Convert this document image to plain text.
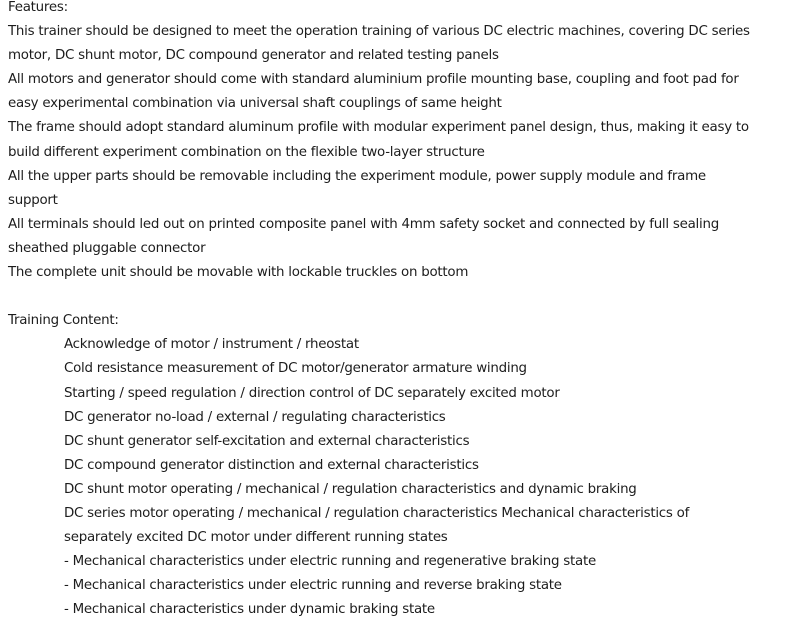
Features:
This trainer should be designed to meet the operation training of various DC electric machines, covering DC series
motor, DC shunt motor, DC compound generator and related testing panels
All motors and generator should come with standard aluminium profile mounting base, coupling and foot pad for
easy experimental combination via universal shaft couplings of same height
The frame should adopt standard aluminum profile with modular experiment panel design, thus, making it easy to
build different experiment combination on the flexible two-layer structure
All the upper parts should be removable including the experiment module, power supply module and frame
support
All terminals should led out on printed composite panel with 4mm safety socket and connected by full sealing
sheathed pluggable connector
The complete unit should be movable with lockable truckles on bottom
Training Content:
Acknowledge of motor / instrument / rheostat
Cold resistance measurement of DC motor/generator armature winding
Starting / speed regulation / direction control of DC separately excited motor
DC generator no-load / external / regulating characteristics
DC shunt generator self-excitation and external characteristics
DC compound generator distinction and external characteristics
DC shunt motor operating / mechanical / regulation characteristics and dynamic braking
DC series motor operating / mechanical / regulation characteristics Mechanical characteristics of
separately excited DC motor under different running states
- Mechanical characteristics under electric running and regenerative braking state
- Mechanical characteristics under electric running and reverse braking state
- Mechanical characteristics under dynamic braking state
